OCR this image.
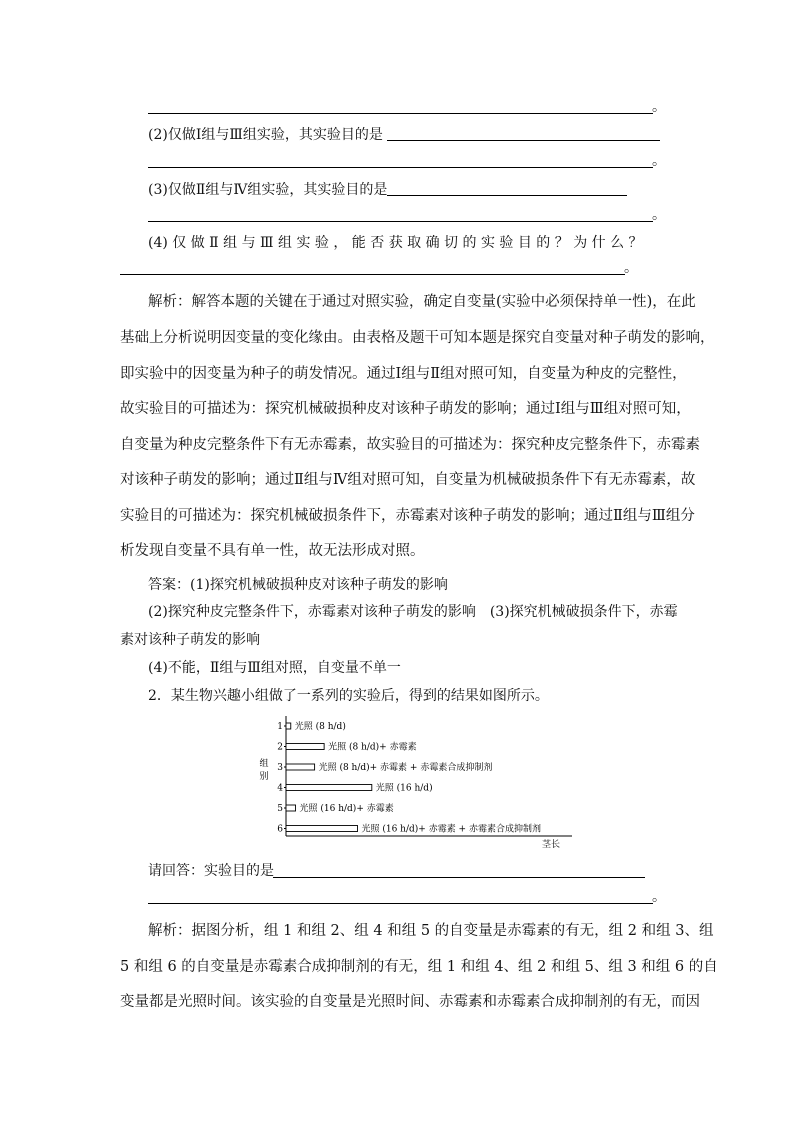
。
(2)仅做Ⅰ组与Ⅲ组实验，其实验目的是
。
(3)仅做Ⅱ组与Ⅳ组实验，其实验目的是
。
(4) 仅 做 Ⅱ 组 与 Ⅲ 组 实 验 ， 能 否 获 取 确 切 的 实 验 目 的 ？ 为 什 么 ？
。
解析：解答本题的关键在于通过对照实验，确定自变量(实验中必须保持单一性)，在此
基础上分析说明因变量的变化缘由。由表格及题干可知本题是探究自变量对种子萌发的影响，
即实验中的因变量为种子的萌发情况。通过Ⅰ组与Ⅱ组对照可知，自变量为种皮的完整性，
故实验目的可描述为：探究机械破损种皮对该种子萌发的影响；通过Ⅰ组与Ⅲ组对照可知，
自变量为种皮完整条件下有无赤霉素，故实验目的可描述为：探究种皮完整条件下，赤霉素
对该种子萌发的影响；通过Ⅱ组与Ⅳ组对照可知，自变量为机械破损条件下有无赤霉素，故
实验目的可描述为：探究机械破损条件下，赤霉素对该种子萌发的影响；通过Ⅱ组与Ⅲ组分
析发现自变量不具有单一性，故无法形成对照。
答案：(1)探究机械破损种皮对该种子萌发的影响
(2)探究种皮完整条件下，赤霉素对该种子萌发的影响　(3)探究机械破损条件下，赤霉
素对该种子萌发的影响
(4)不能，Ⅱ组与Ⅲ组对照，自变量不单一
2．某生物兴趣小组做了一系列的实验后，得到的结果如图所示。
组
别
茎长
1 光照 (8 h/d)
2	光照 (8 h/d)+ 赤霉素
3	光照 (8 h/d)+ 赤霉素 + 赤霉素合成抑制剂
4	光照 (16 h/d)
5 光照 (16 h/d)+ 赤霉素
6	光照 (16 h/d)+ 赤霉素 + 赤霉素合成抑制剂
请回答：实验目的是
。
解析：据图分析，组 1 和组 2、组 4 和组 5 的自变量是赤霉素的有无，组 2 和组 3、组
5 和组 6 的自变量是赤霉素合成抑制剂的有无，组 1 和组 4、组 2 和组 5、组 3 和组 6 的自
变量都是光照时间。该实验的自变量是光照时间、赤霉素和赤霉素合成抑制剂的有无，而因
